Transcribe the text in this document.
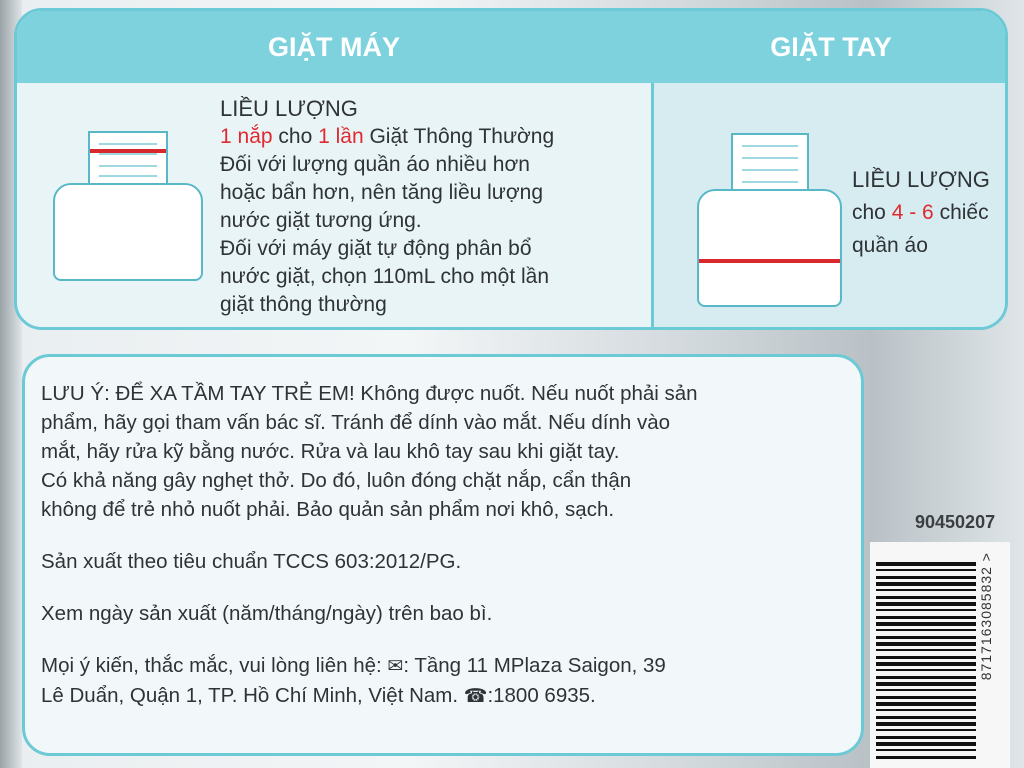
GIẶT MÁY	GIẶT TAY
LIỀU LƯỢNG
1 nắp cho 1 lần Giặt Thông Thường
Đối với lượng quần áo nhiều hơn
hoặc bẩn hơn, nên tăng liều lượng
nước giặt tương ứng.
Đối với máy giặt tự động phân bổ
nước giặt, chọn 110mL cho một lần
giặt thông thường
LIỀU LƯỢNG
cho 4 - 6 chiếc
quần áo
LƯU Ý: ĐỂ XA TẦM TAY TRẺ EM! Không được nuốt. Nếu nuốt phải sản
phẩm, hãy gọi tham vấn bác sĩ. Tránh để dính vào mắt. Nếu dính vào
mắt, hãy rửa kỹ bằng nước. Rửa và lau khô tay sau khi giặt tay.
Có khả năng gây nghẹt thở. Do đó, luôn đóng chặt nắp, cẩn thận
không để trẻ nhỏ nuốt phải. Bảo quản sản phẩm nơi khô, sạch.
Sản xuất theo tiêu chuẩn TCCS 603:2012/PG.
Xem ngày sản xuất (năm/tháng/ngày) trên bao bì.
Mọi ý kiến, thắc mắc, vui lòng liên hệ: ✉: Tầng 11 MPlaza Saigon, 39
Lê Duẩn, Quận 1, TP. Hồ Chí Minh, Việt Nam. ☎:1800 6935.
90450207
8717163085832 >
